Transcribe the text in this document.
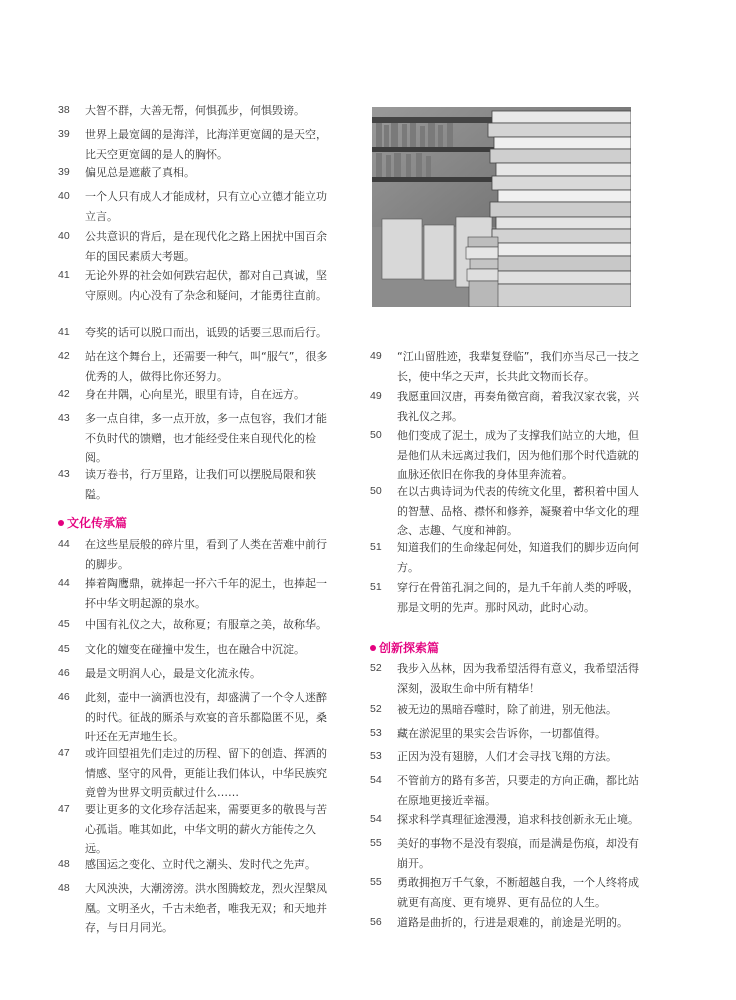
38	大智不群，大善无帮，何惧孤步，何惧毁谤。
39	世界上最宽阔的是海洋，比海洋更宽阔的是天空，比天空更宽阔的是人的胸怀。
39	偏见总是遮蔽了真相。
40	一个人只有成人才能成材，只有立心立德才能立功立言。
40	公共意识的背后，是在现代化之路上困扰中国百余年的国民素质大考题。
41	无论外界的社会如何跌宕起伏，都对自己真诚，坚守原则。内心没有了杂念和疑问，才能勇往直前。
41	夸奖的话可以脱口而出，诋毁的话要三思而后行。
42	站在这个舞台上，还需要一种气，叫“服气”，很多优秀的人，做得比你还努力。
42	身在井隅，心向星光，眼里有诗，自在远方。
43	多一点自律，多一点开放，多一点包容，我们才能不负时代的馈赠，也才能经受住来自现代化的检阅。
43	读万卷书，行万里路，让我们可以摆脱局限和狭隘。
文化传承篇
44	在这些星辰般的碎片里，看到了人类在苦难中前行的脚步。
44	捧着陶鹰鼎，就捧起一抔六千年的泥土，也捧起一抔中华文明起源的泉水。
45	中国有礼仪之大，故称夏；有服章之美，故称华。
45	文化的嬗变在碰撞中发生，也在融合中沉淀。
46	最是文明润人心，最是文化流永传。
46	此刻，壶中一滴洒也没有，却盛满了一个令人迷醉的时代。征战的厮杀与欢宴的音乐都隐匿不见，桑叶还在无声地生长。
47	或许回望祖先们走过的历程、留下的创造、挥洒的情感、坚守的风骨，更能让我们体认，中华民族究竟曾为世界文明贡献过什么……
47	要让更多的文化珍存活起来，需要更多的敬畏与苦心孤诣。唯其如此，中华文明的薪火方能传之久远。
48	感国运之变化、立时代之潮头、发时代之先声。
48	大风泱泱，大潮滂滂。洪水图腾蛟龙，烈火涅槃凤凰。文明圣火，千古未绝者，唯我无双；和天地并存，与日月同光。
49	“江山留胜迹，我辈复登临”，我们亦当尽己一技之长，使中华之天声，长共此文物而长存。
49	我愿重回汉唐，再奏角徵宫商，着我汉家衣裳，兴我礼仪之邦。
50	他们变成了泥土，成为了支撑我们站立的大地，但是他们从未远离过我们，因为他们那个时代造就的血脉还依旧在你我的身体里奔流着。
50	在以古典诗词为代表的传统文化里，蓄积着中国人的智慧、品格、襟怀和修养，凝聚着中华文化的理念、志趣、气度和神韵。
51	知道我们的生命缘起何处，知道我们的脚步迈向何方。
51	穿行在骨笛孔洞之间的，是九千年前人类的呼吸，那是文明的先声。那时风动，此时心动。
创新探索篇
52	我步入丛林，因为我希望活得有意义，我希望活得深刻，汲取生命中所有精华！
52	被无边的黑暗吞噬时，除了前进，别无他法。
53	藏在淤泥里的果实会告诉你，一切都值得。
53	正因为没有翅膀，人们才会寻找飞翔的方法。
54	不管前方的路有多苦，只要走的方向正确，都比站在原地更接近幸福。
54	探求科学真理征途漫漫，追求科技创新永无止境。
55	美好的事物不是没有裂痕，而是满是伤痕，却没有崩开。
55	勇敢拥抱万千气象，不断超越自我，一个人终将成就更有高度、更有境界、更有品位的人生。
56	道路是曲折的，行进是艰难的，前途是光明的。
